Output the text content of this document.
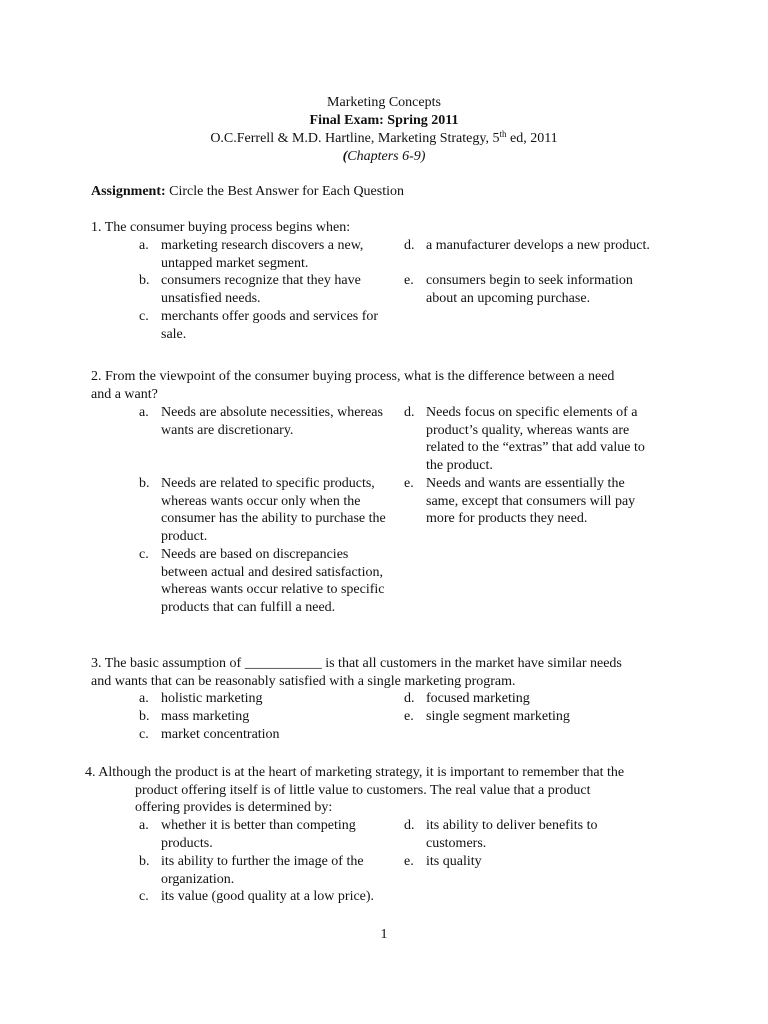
Marketing Concepts
Final Exam: Spring 2011
O.C.Ferrell & M.D. Hartline, Marketing Strategy, 5th ed, 2011
(Chapters 6-9)
Assignment: Circle the Best Answer for Each Question
1. The consumer buying process begins when:
a. marketing research discovers a new, untapped market segment.
b. consumers recognize that they have unsatisfied needs.
c. merchants offer goods and services for sale.
d. a manufacturer develops a new product.
e. consumers begin to seek information about an upcoming purchase.
2. From the viewpoint of the consumer buying process, what is the difference between a need
and a want?
a. Needs are absolute necessities, whereas wants are discretionary.
b. Needs are related to specific products, whereas wants occur only when the consumer has the ability to purchase the product.
c. Needs are based on discrepancies between actual and desired satisfaction, whereas wants occur relative to specific products that can fulfill a need.
d. Needs focus on specific elements of a product’s quality, whereas wants are related to the “extras” that add value to the product.
e. Needs and wants are essentially the same, except that consumers will pay more for products they need.
3. The basic assumption of ___________ is that all customers in the market have similar needs
and wants that can be reasonably satisfied with a single marketing program.
a. holistic marketing
b. mass marketing
c. market concentration
d. focused marketing
e. single segment marketing
4. Although the product is at the heart of marketing strategy, it is important to remember that the
product offering itself is of little value to customers. The real value that a product
offering provides is determined by:
a. whether it is better than competing products.
b. its ability to further the image of the organization.
c. its value (good quality at a low price).
d. its ability to deliver benefits to customers.
e. its quality
1
